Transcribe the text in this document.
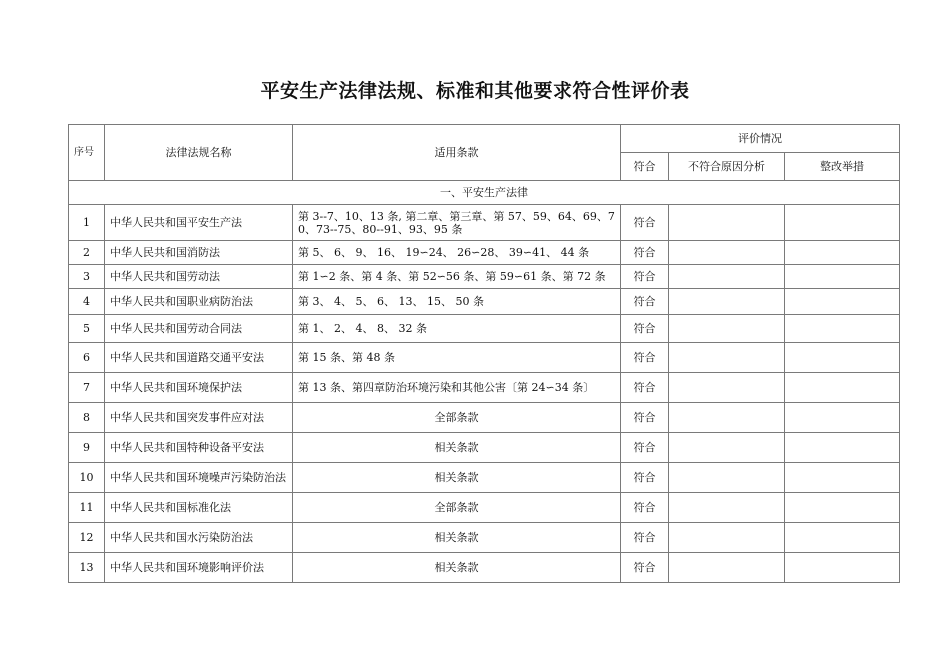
平安生产法律法规、标准和其他要求符合性评价表
序号	法律法规名称	适用条款	评价情况		
			符合	不符合原因分析	整改举措
一、平安生产法律					
1	中华人民共和国平安生产法	第 3--7、10、13 条, 第二章、第三章、第 57、59、64、69、70、73--75、80--91、93、95 条	符合		
2	中华人民共和国消防法	第 5、 6、 9、 16、 19∽24、 26∽28、 39∽41、 44 条	符合		
3	中华人民共和国劳动法	第 1∽2 条、第 4 条、第 52∽56 条、第 59∽61 条、第 72 条	符合		
4	中华人民共和国职业病防治法	第 3、 4、 5、 6、 13、 15、 50 条	符合		
5	中华人民共和国劳动合同法	第 1、 2、 4、 8、 32 条	符合		
6	中华人民共和国道路交通平安法	第 15 条、第 48 条	符合		
7	中华人民共和国环境保护法	第 13 条、第四章防治环境污染和其他公害〔第 24∽34 条〕	符合		
8	中华人民共和国突发事件应对法	全部条款	符合		
9	中华人民共和国特种设备平安法	相关条款	符合		
10	中华人民共和国环境噪声污染防治法	相关条款	符合		
11	中华人民共和国标准化法	全部条款	符合		
12	中华人民共和国水污染防治法	相关条款	符合		
13	中华人民共和国环境影响评价法	相关条款	符合		
